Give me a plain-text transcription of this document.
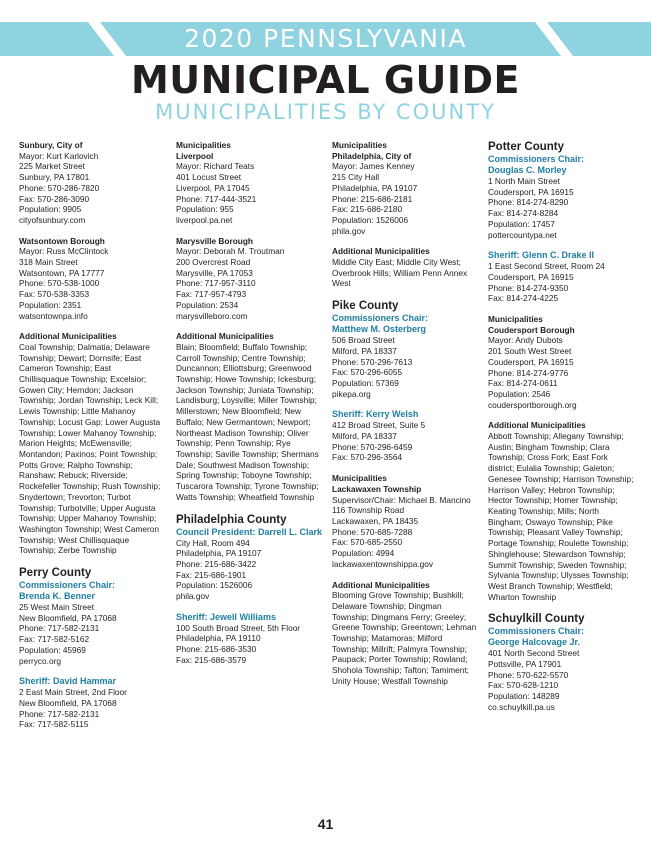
2020 PENNSLYVANIA
MUNICIPAL GUIDE
MUNICIPALITIES BY COUNTY
Sunbury, City of
Mayor: Kurt Karlovich
225 Market Street
Sunbury, PA 17801
Phone: 570-286-7820
Fax: 570-286-3090
Population: 9905
cityofsunbury.com
Watsontown Borough
Mayor: Russ McClintock
318 Main Street
Watsontown, PA 17777
Phone: 570-538-1000
Fax: 570-538-3353
Population: 2351
watsontownpa.info
Additional Municipalities
Coal Township; Dalmatia; Delaware Township; Dewart; Dornsife; East Cameron Township; East Chillisquaque Township; Excelsior; Gowen City; Herndon; Jackson Township; Jordan Township; Leck Kill; Lewis Township; Little Mahanoy Township; Locust Gap; Lower Augusta Township; Lower Mahanoy Township; Marion Heights; McEwensville; Montandon; Paxinos; Point Township; Potts Grove; Ralpho Township; Ranshaw; Rebuck; Riverside; Rockefeller Township; Rush Township; Snydertown; Trevorton; Turbot Township; Turbotville; Upper Augusta Township; Upper Mahanoy Township; Washington Township; West Cameron Township; West Chillisquaque Township; Zerbe Township
Perry County
Commissioners Chair:
Brenda K. Benner
25 West Main Street
New Bloomfield, PA 17068
Phone: 717-582-2131
Fax: 717-582-5162
Population: 45969
perryco.org
Sheriff: David Hammar
2 East Main Street, 2nd Floor
New Bloomfield, PA 17068
Phone: 717-582-2131
Fax: 717-582-5115
Municipalities
Liverpool
Mayor: Richard Teats
401 Locust Street
Liverpool, PA 17045
Phone: 717-444-3521
Population: 955
liverpool.pa.net
Marysville Borough
Mayor: Deborah M. Troutman
200 Overcrest Road
Marysville, PA 17053
Phone: 717-957-3110
Fax: 717-957-4793
Population: 2534
marysvilleboro.com
Additional Municipalities
Blain; Bloomfield; Buffalo Township; Carroll Township; Centre Township; Duncannon; Elliottsburg; Greenwood Township; Howe Township; Ickesburg; Jackson Township; Juniata Township; Landisburg; Loysville; Miller Township; Millerstown; New Bloomfield; New Buffalo; New Germantown; Newport; Northeast Madison Township; Oliver Township; Penn Township; Rye Township; Saville Township; Shermans Dale; Southwest Madison Township; Spring Township; Toboyne Township; Tuscarora Township; Tyrone Township; Watts Township; Wheatfield Township
Philadelphia County
Council President: Darrell L. Clark
City Hall, Room 494
Philadelphia, PA 19107
Phone: 215-686-3422
Fax: 215-686-1901
Population: 1526006
phila.gov
Sheriff: Jewell Williams
100 South Broad Street, 5th Floor
Philadelphia, PA 19110
Phone: 215-686-3530
Fax: 215-686-3579
Municipalities
Philadelphia, City of
Mayor: James Kenney
215 City Hall
Philadelphia, PA 19107
Phone: 215-686-2181
Fax: 215-686-2180
Population: 1526006
phila.gov
Additional Municipalities
Middle City East; Middle City West; Overbrook Hills; William Penn Annex West
Pike County
Commissioners Chair:
Matthew M. Osterberg
506 Broad Street
Milford, PA 18337
Phone: 570-296-7613
Fax: 570-296-6055
Population: 57369
pikepa.org
Sheriff: Kerry Welsh
412 Broad Street, Suite 5
Milford, PA 18337
Phone: 570-296-6459
Fax: 570-296-3564
Municipalities
Lackawaxen Township
Supervisor/Chair: Michael B. Mancino
116 Township Road
Lackawaxen, PA 18435
Phone: 570-685-7288
Fax: 570-685-2550
Population: 4994
lackawaxentownshippa.gov
Additional Municipalities
Blooming Grove Township; Bushkill; Delaware Township; Dingman Township; Dingmans Ferry; Greeley; Greene Township; Greentown; Lehman Township; Matamoras; Milford Township; Millrift; Palmyra Township; Paupack; Porter Township; Rowland; Shohola Township; Tafton; Tamiment; Unity House; Westfall Township
Potter County
Commissioners Chair:
Douglas C. Morley
1 North Main Street
Coudersport, PA 16915
Phone: 814-274-8290
Fax: 814-274-8284
Population: 17457
pottercountypa.net
Sheriff: Glenn C. Drake II
1 East Second Street, Room 24
Coudersport, PA 16915
Phone: 814-274-9350
Fax: 814-274-4225
Municipalities
Coudersport Borough
Mayor: Andy Dubots
201 South West Street
Coudersport, PA 16915
Phone: 814-274-9776
Fax: 814-274-0611
Population: 2546
coudersportborough.org
Additional Municipalities
Abbott Township; Allegany Township; Austin; Bingham Township; Clara Township; Cross Fork; East Fork district; Eulalia Township; Galeton; Genesee Township; Harrison Township; Harrison Valley; Hebron Township; Hector Township; Homer Township; Keating Township; Mills; North Bingham; Oswayo Township; Pike Township; Pleasant Valley Township; Portage Township; Roulette Township; Shinglehouse; Stewardson Township; Summit Township; Sweden Township; Sylvania Township; Ulysses Township; West Branch Township; Westfield; Wharton Township
Schuylkill County
Commissioners Chair:
George Halcovage Jr.
401 North Second Street
Pottsville, PA 17901
Phone: 570-622-5570
Fax: 570-628-1210
Population: 148289
co.schuylkill.pa.us
41
